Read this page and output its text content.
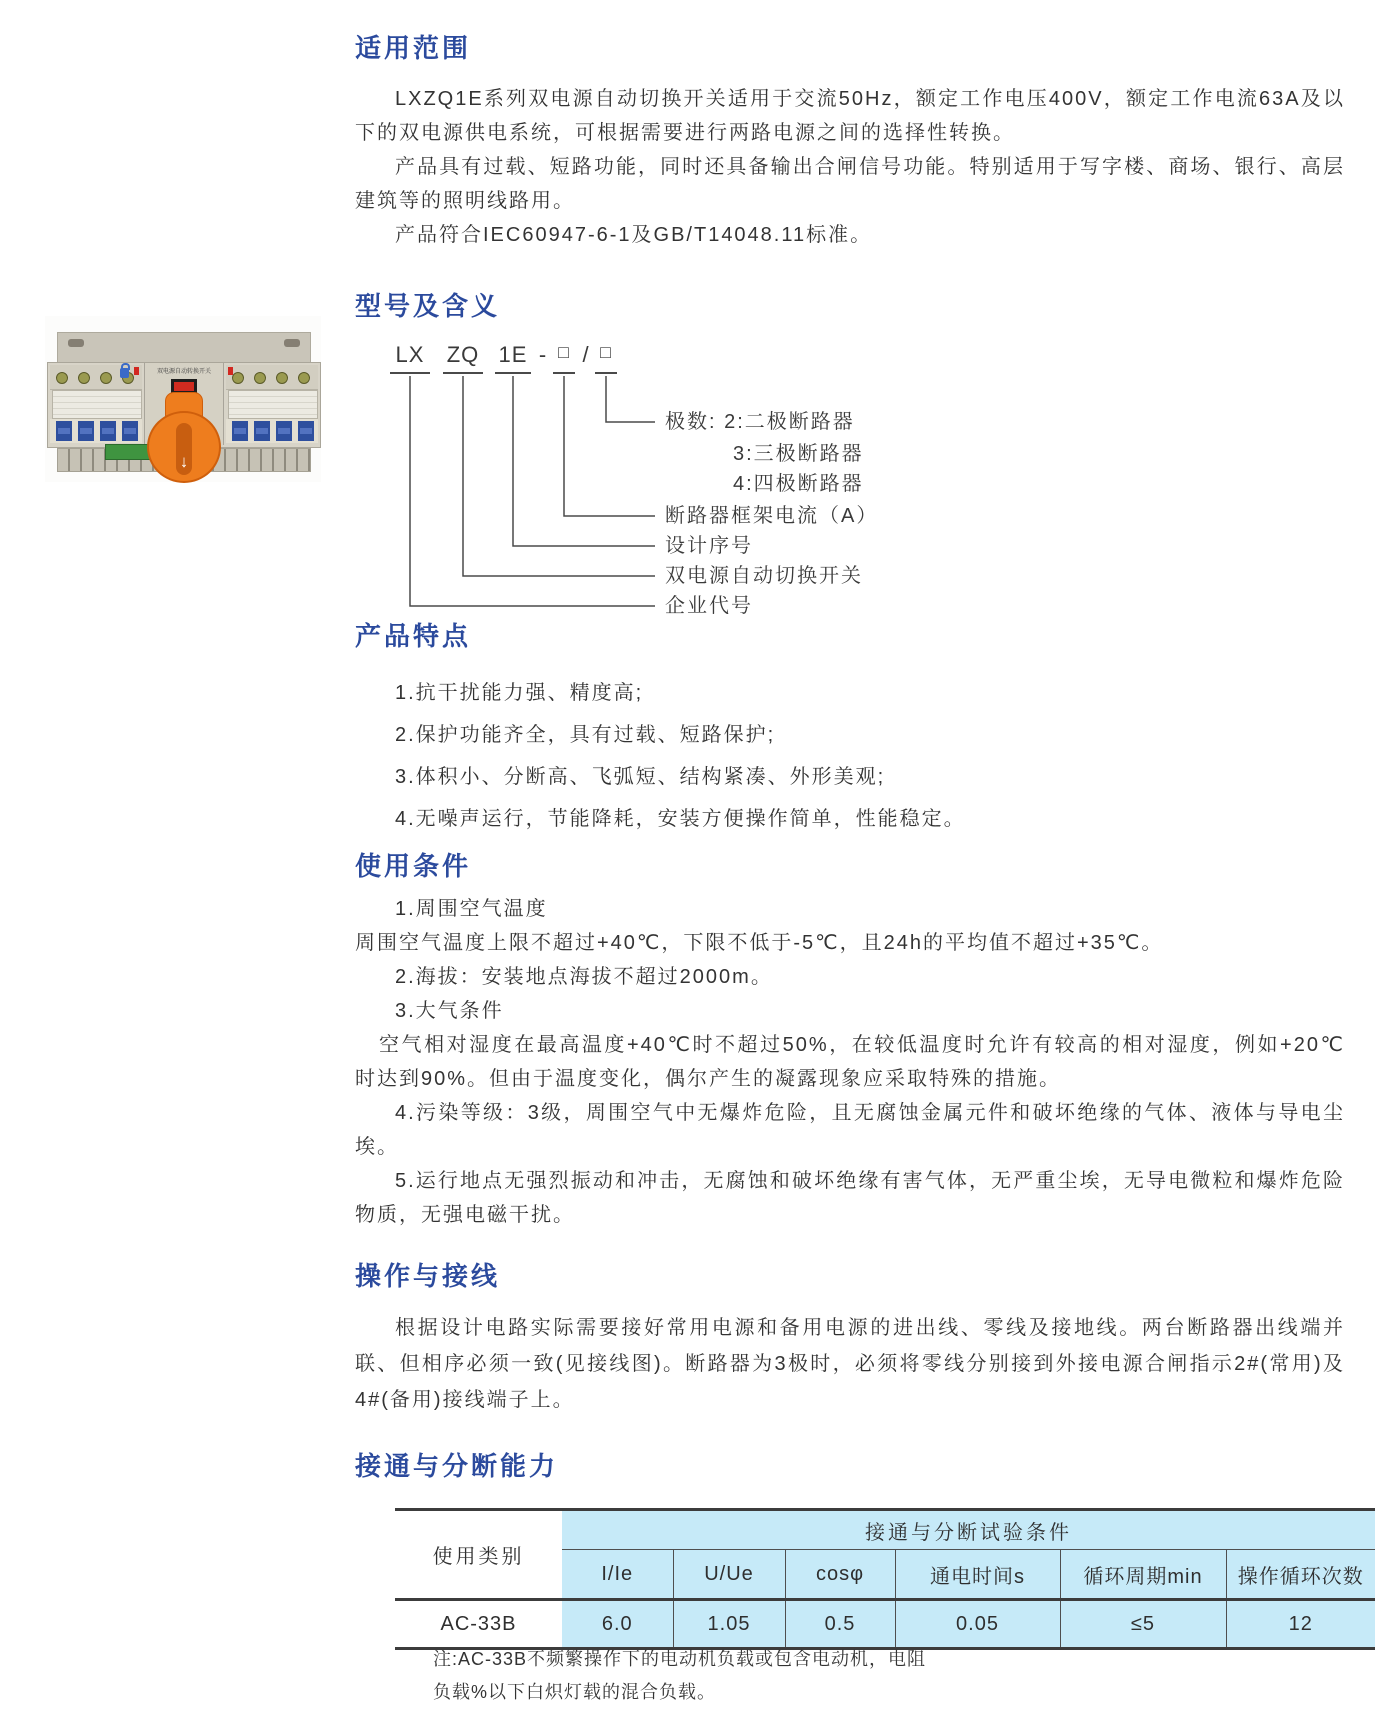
适用范围

LXZQ1E系列双电源自动切换开关适用于交流50Hz，额定工作电压400V，额定工作电流63A及以下的双电源供电系统，可根据需要进行两路电源之间的选择性转换。

产品具有过载、短路功能，同时还具备输出合闸信号功能。特别适用于写字楼、商场、银行、高层建筑等的照明线路用。

产品符合IEC60947-6-1及GB/T14048.11标准。

型号及含义
LX ZQ 1E - □ / □
极数: 2:二极断路器
3:三极断路器
4:四极断路器
断路器框架电流（A）
设计序号
双电源自动切换开关
企业代号
双电源自动转换开关
↓
产品特点

1.抗干扰能力强、精度高;

2.保护功能齐全，具有过载、短路保护;

3.体积小、分断高、飞弧短、结构紧凑、外形美观;

4.无噪声运行，节能降耗，安装方便操作简单，性能稳定。

使用条件

1.周围空气温度

周围空气温度上限不超过+40℃，下限不低于-5℃，且24h的平均值不超过+35℃。

2.海拔：安装地点海拔不超过2000m。

3.大气条件

空气相对湿度在最高温度+40℃时不超过50%，在较低温度时允许有较高的相对湿度，例如+20℃时达到90%。但由于温度变化，偶尔产生的凝露现象应采取特殊的措施。

4.污染等级：3级，周围空气中无爆炸危险，且无腐蚀金属元件和破坏绝缘的气体、液体与导电尘埃。

5.运行地点无强烈振动和冲击，无腐蚀和破坏绝缘有害气体，无严重尘埃，无导电微粒和爆炸危险物质，无强电磁干扰。

操作与接线

根据设计电路实际需要接好常用电源和备用电源的进出线、零线及接地线。两台断路器出线端并联、但相序必须一致(见接线图)。断路器为3极时，必须将零线分别接到外接电源合闸指示2#(常用)及4#(备用)接线端子上。

接通与分断能力
使用类别	接通与分断试验条件					
	I/Ie	U/Ue	cosφ	通电时间s	循环周期min	操作循环次数
AC-33B	6.0	1.05	0.5	0.05	≤5	12
注:AC-33B不频繁操作下的电动机负载或包含电动机，电阻
负载%以下白炽灯载的混合负载。
